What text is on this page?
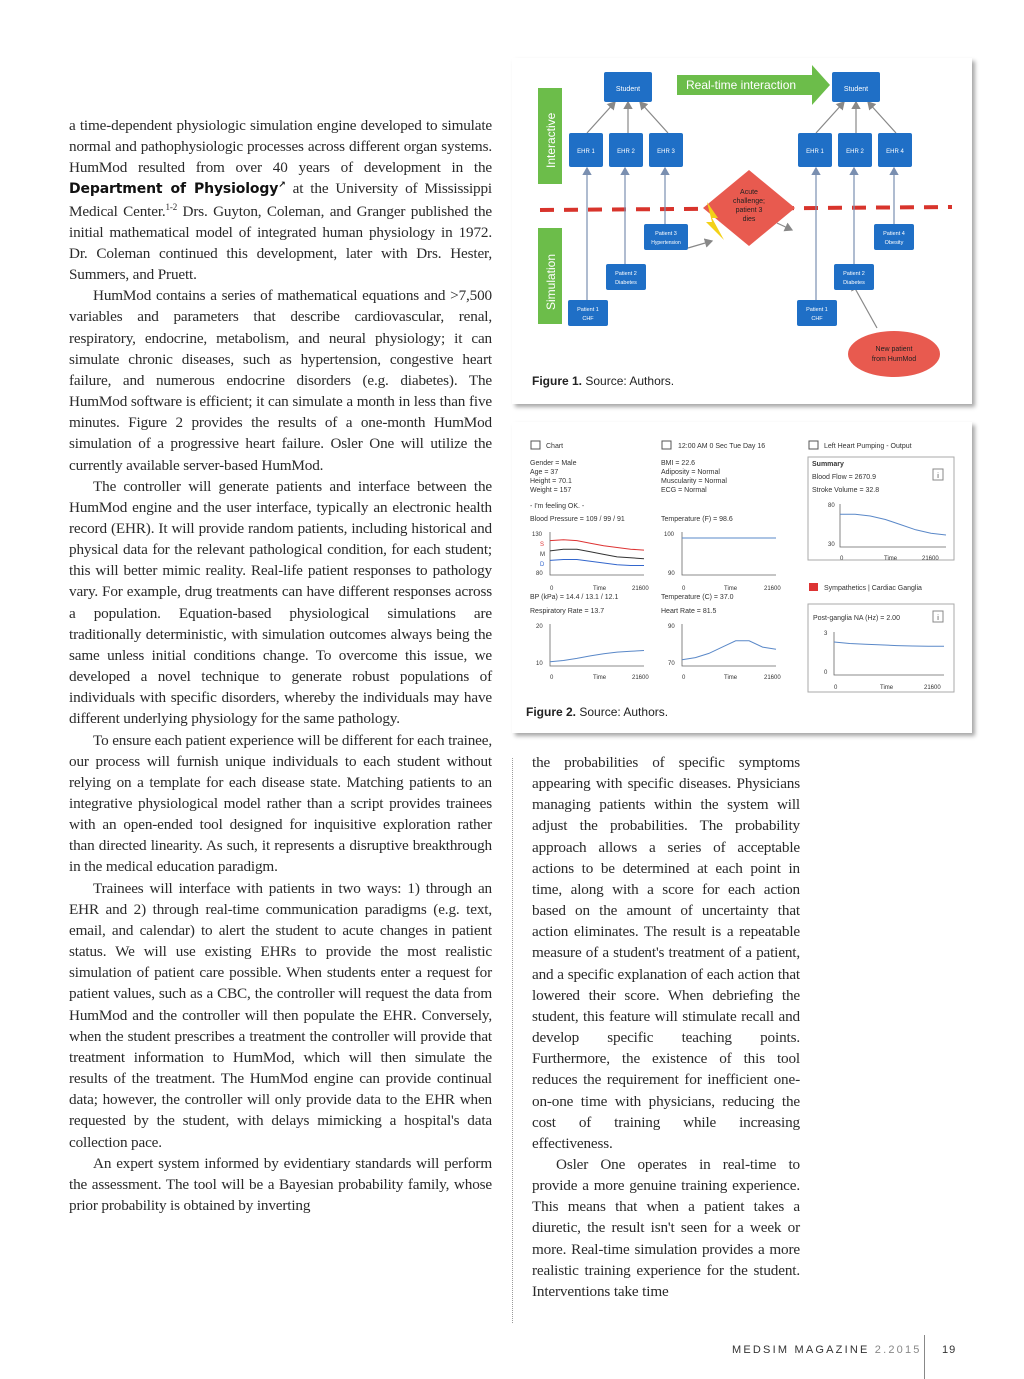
a time-dependent physiologic simulation engine developed to simulate normal and pathophysiologic processes across different organ systems. HumMod resulted from over 40 years of development in the Department of Physiology↗ at the University of Mississippi Medical Center.$^{1-2}$ Drs. Guyton, Coleman, and Granger published the initial mathematical model of integrated human physiology in 1972. Dr. Coleman continued this development, later with Drs. Hester, Summers, and Pruett.

HumMod contains a series of mathematical equations and >7,500 variables and parameters that describe cardiovascular, renal, respiratory, endocrine, metabolism, and neural physiology; it can simulate chronic diseases, such as hypertension, congestive heart failure, and numerous endocrine disorders (e.g. diabetes). The HumMod software is efficient; it can simulate a month in less than five minutes. Figure 2 provides the results of a one-month HumMod simulation of a progressive heart failure. Osler One will utilize the currently available server-based HumMod.

The controller will generate patients and interface between the HumMod engine and the user interface, typically an electronic health record (EHR). It will provide random patients, including historical and physical data for the relevant pathological condition, for each student; this will better mimic reality. Real-life patient responses to pathology vary. For example, drug treatments can have different responses across a population. Equation-based physiological simulations are traditionally deterministic, with simulation outcomes always being the same unless initial conditions change. To overcome this issue, we developed a novel technique to generate robust populations of individuals with specific disorders, whereby the individuals may have different underlying physiology for the same pathology.

To ensure each patient experience will be different for each trainee, our process will furnish unique individuals to each student without relying on a template for each disease state. Matching patients to an integrative physiological model rather than a script provides trainees with an open-ended tool designed for inquisitive exploration rather than directed linearity. As such, it represents a disruptive breakthrough in the medical education paradigm.

Trainees will interface with patients in two ways: 1) through an EHR and 2) through real-time communication paradigms (e.g. text, email, and calendar) to alert the student to acute changes in patient status. We will use existing EHRs to provide the most realistic simulation of patient care possible. When students enter a request for patient values, such as a CBC, the controller will request the data from HumMod and the controller will then populate the EHR. Conversely, when the student prescribes a treatment the controller will provide that treatment information to HumMod, which will then simulate the results of the treatment. The HumMod engine can provide continual data; however, the controller will only provide data to the EHR when requested by the student, with delays mimicking a hospital's data collection pace.

An expert system informed by evidentiary standards will perform the assessment. The tool will be a Bayesian probability family, whose prior probability is obtained by inverting

Interactive
Simulation
Real-time interaction
Student	Student
EHR 1	EHR 2	EHR 3	EHR 1	EHR 2	EHR 4
Patient 1
CHF
Patient 2
Diabetes
Patient 3
Hypertension
Patient 1
CHF
Patient 2
Diabetes
Patient 4
Obesity
Acute
challenge;
patient 3
dies
New patient
from HumMod
Figure 1. Source: Authors.
Chart
Gender = Male
Age = 37
Height = 70.1
Weight = 157
- I'm feeling OK. -
Blood Pressure = 109 / 99 / 91
130
S
M
D
80
0	Time	21600
BP (kPa) = 14.4 / 13.1 / 12.1
Respiratory Rate = 13.7
20
10
0	Time	21600
12:00 AM 0 Sec Tue Day 16
BMI = 22.6
Adiposity = Normal
Muscularity = Normal
ECG = Normal
Temperature (F) = 98.6
100
90
0	Time	21600
Temperature (C) = 37.0
Heart Rate = 81.5
90
70
0	Time	21600
Left Heart Pumping - Output
Summary
i
Blood Flow = 2670.9
Stroke Volume = 32.8
80
30
0	Time	21600
Sympathetics | Cardiac Ganglia
Post-ganglia NA (Hz) = 2.00	i
3
0
0	Time	21600
Figure 2. Source: Authors.

the probabilities of specific symptoms appearing with specific diseases. Physicians managing patients within the system will adjust the probabilities. The probability approach allows a series of acceptable actions to be determined at each point in time, along with a score for each action based on the amount of uncertainty that action eliminates. The result is a repeatable measure of a student's treatment of a patient, and a specific explanation of each action that lowered their score. When debriefing the student, this feature will stimulate recall and develop specific teaching points. Furthermore, the existence of this tool reduces the requirement for inefficient one-on-one time with physicians, reducing the cost of training while increasing effectiveness.

Osler One operates in real-time to provide a more genuine training experience. This means that when a patient takes a diuretic, the result isn't seen for a week or more. Real-time simulation provides a more realistic training experience for the student. Interventions take time

MEDSIM MAGAZINE 2.2015 19
